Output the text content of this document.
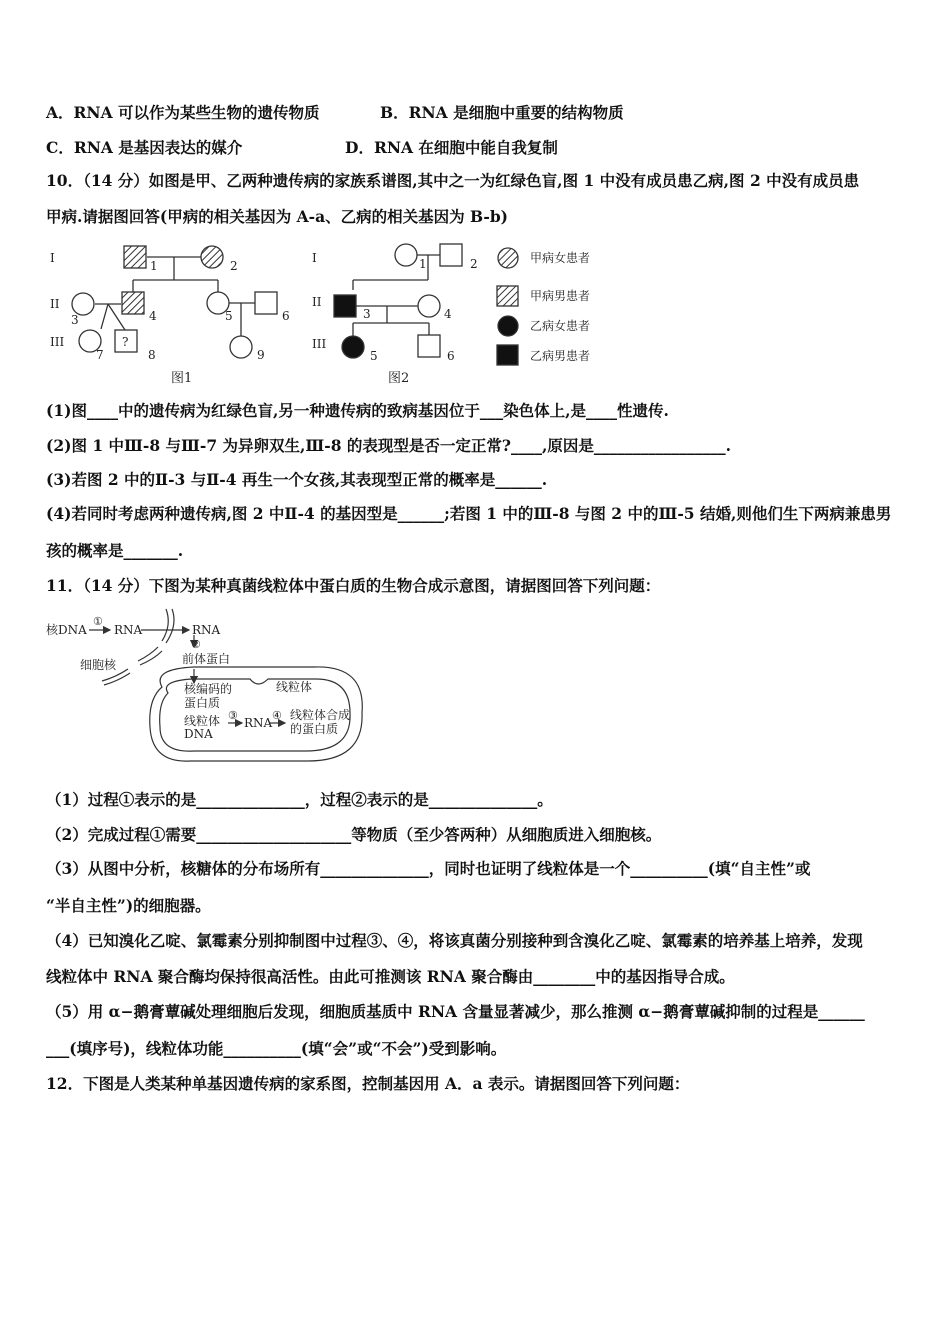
A．RNA 可以作为某些生物的遗传物质	B．RNA 是细胞中重要的结构物质
C．RNA 是基因表达的媒介	D．RNA 在细胞中能自我复制
10．（14 分）如图是甲、乙两种遗传病的家族系谱图,其中之一为红绿色盲,图 1 中没有成员患乙病,图 2 中没有成员患
甲病.请据图回答(甲病的相关基因为 A-a、乙病的相关基因为 B-b)
I
II
III
1	2
3	4	5	6
7	8	9
?
图1
I
II
III
1	2
3	4
5	6
图2
甲病女患者
甲病男患者
乙病女患者
乙病男患者
(1)图____中的遗传病为红绿色盲,另一种遗传病的致病基因位于___染色体上,是____性遗传.
(2)图 1 中Ⅲ-8 与Ⅲ-7 为异卵双生,Ⅲ-8 的表现型是否一定正常?____,原因是_________________.
(3)若图 2 中的Ⅱ-3 与Ⅱ-4 再生一个女孩,其表现型正常的概率是______.
(4)若同时考虑两种遗传病,图 2 中Ⅱ-4 的基因型是______;若图 1 中的Ⅲ-8 与图 2 中的Ⅲ-5 结婚,则他们生下两病兼患男
孩的概率是_______.
11．（14 分）下图为某种真菌线粒体中蛋白质的生物合成示意图，请据图回答下列问题：
核DNA
①
RNA	RNA
②
细胞核	前体蛋白
核编码的
蛋白质
线粒体
线粒体
DNA
③
RNA
④ 线粒体合成
的蛋白质
（1）过程①表示的是______________，过程②表示的是______________。
（2）完成过程①需要____________________等物质（至少答两种）从细胞质进入细胞核。
（3）从图中分析，核糖体的分布场所有______________，同时也证明了线粒体是一个__________(填“自主性”或
“半自主性”)的细胞器。
（4）已知溴化乙啶、氯霉素分别抑制图中过程③、④，将该真菌分别接种到含溴化乙啶、氯霉素的培养基上培养，发现
线粒体中 RNA 聚合酶均保持很高活性。由此可推测该 RNA 聚合酶由________中的基因指导合成。
（5）用 α−鹅膏蕈碱处理细胞后发现，细胞质基质中 RNA 含量显著减少，那么推测 α−鹅膏蕈碱抑制的过程是______
___(填序号)，线粒体功能__________(填“会”或“不会”)受到影响。
12．下图是人类某种单基因遗传病的家系图，控制基因用 A．a 表示。请据图回答下列问题：
